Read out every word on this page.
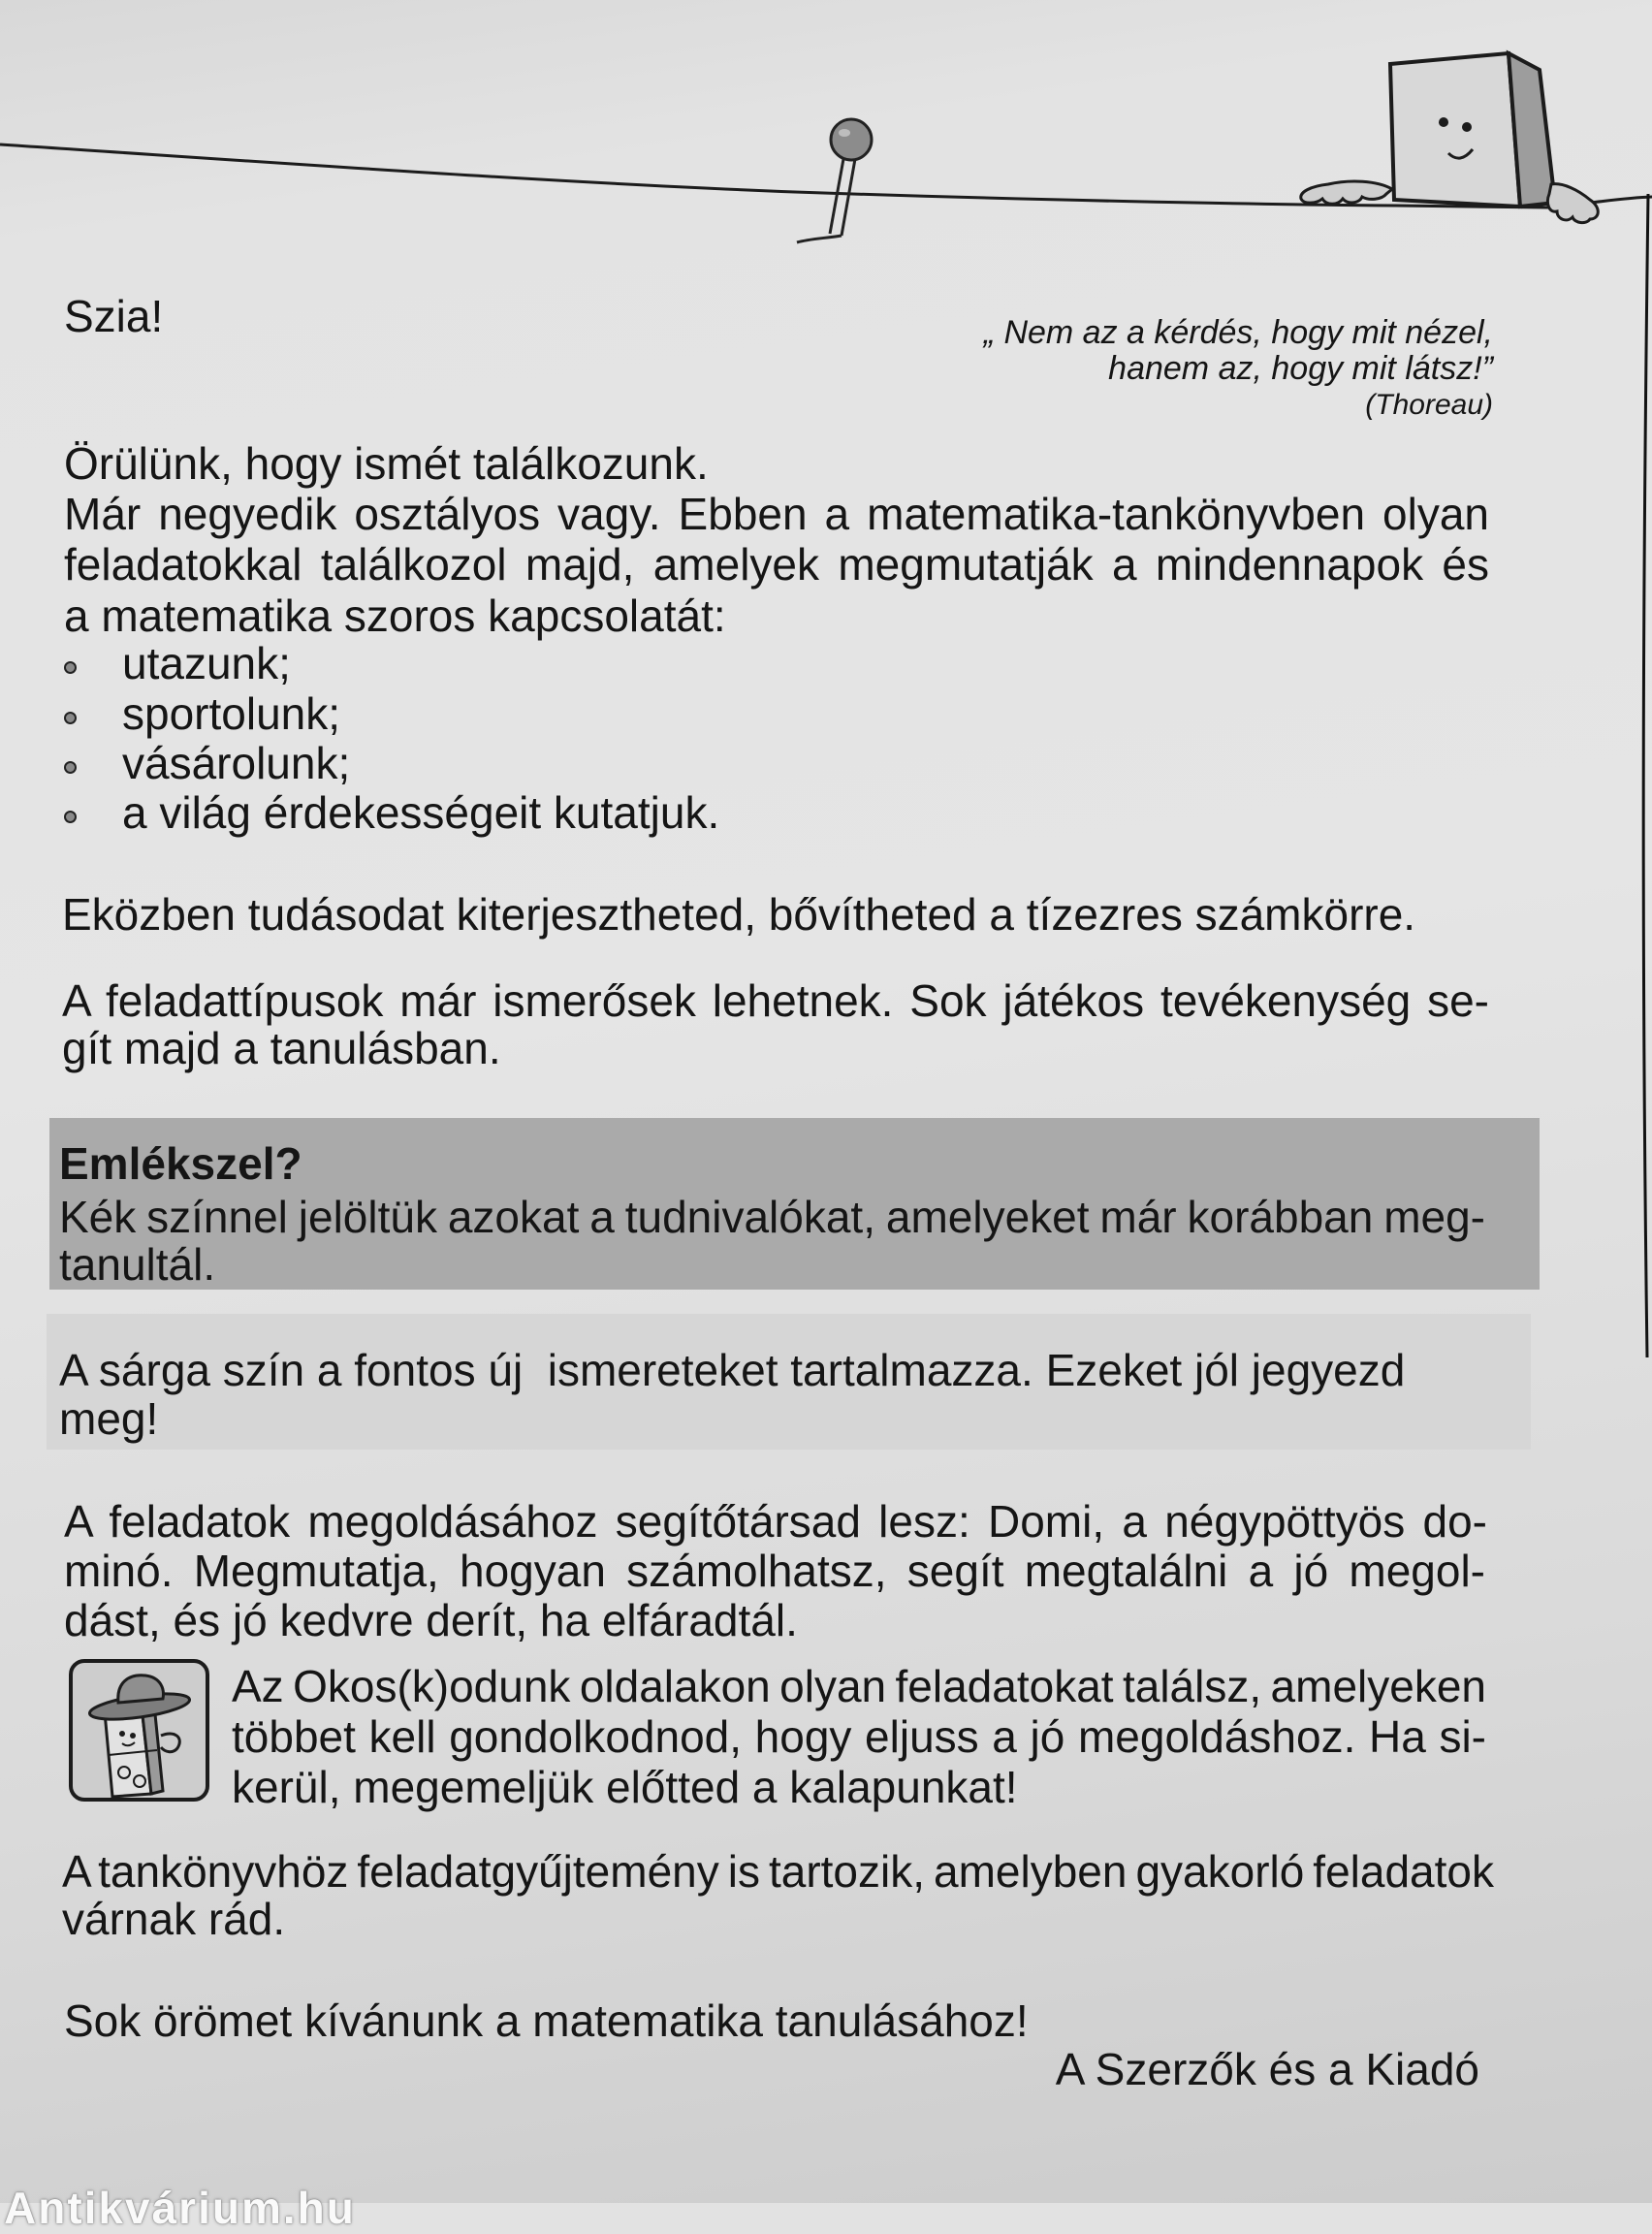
Szia!	„ Nem az a kérdés, hogy mit nézel,
hanem az, hogy mit látsz!”
(Thoreau)
Örülünk, hogy ismét találkozunk.
Már negyedik osztályos vagy. Ebben a matematika-tankönyvben olyan
feladatokkal találkozol majd, amelyek megmutatják a mindennapok és
a matematika szoros kapcsolatát:
utazunk;
sportolunk;
vásárolunk;
a világ érdekességeit kutatjuk.
Eközben tudásodat kiterjesztheted, bővítheted a tízezres számkörre.
A feladattípusok már ismerősek lehetnek. Sok játékos tevékenység se-
gít majd a tanulásban.
Emlékszel?
Kék színnel jelöltük azokat a tudnivalókat, amelyeket már korábban meg-
tanultál.
A sárga szín a fontos új  ismereteket tartalmazza. Ezeket jól jegyezd
meg!
A feladatok megoldásához segítőtársad lesz: Domi, a négypöttyös do-
minó. Megmutatja, hogyan számolhatsz, segít megtalálni a jó megol-
dást, és jó kedvre derít, ha elfáradtál.
Az Okos(k)odunk oldalakon olyan feladatokat találsz, amelyeken
többet kell gondolkodnod, hogy eljuss a jó megoldáshoz. Ha si-
kerül, megemeljük előtted a kalapunkat!
A tankönyvhöz feladatgyűjtemény is tartozik, amelyben gyakorló feladatok
várnak rád.
Sok örömet kívánunk a matematika tanulásához!
A Szerzők és a Kiadó
Antikvárium.hu
